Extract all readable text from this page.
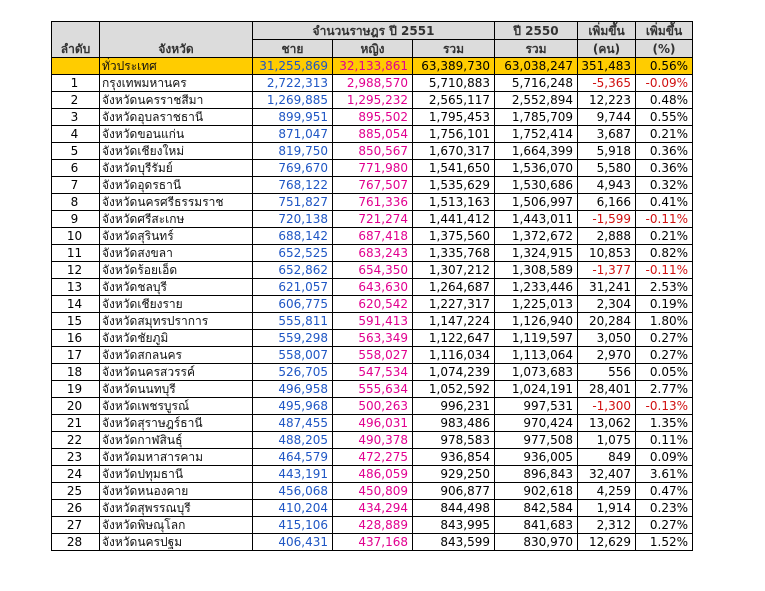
ลำดับ	จังหวัด	จำนวนราษฎร ปี 2551			ปี 2550	เพิ่มขึ้น	เพิ่มขึ้น
		ชาย	หญิง	รวม	รวม	(คน)	(%)
	ทั่วประเทศ	31,255,869	32,133,861	63,389,730	63,038,247	351,483	0.56%
1	กรุงเทพมหานคร	2,722,313	2,988,570	5,710,883	5,716,248	-5,365	-0.09%
2	จังหวัดนครราชสีมา	1,269,885	1,295,232	2,565,117	2,552,894	12,223	0.48%
3	จังหวัดอุบลราชธานี	899,951	895,502	1,795,453	1,785,709	9,744	0.55%
4	จังหวัดขอนแก่น	871,047	885,054	1,756,101	1,752,414	3,687	0.21%
5	จังหวัดเชียงใหม่	819,750	850,567	1,670,317	1,664,399	5,918	0.36%
6	จังหวัดบุรีรัมย์	769,670	771,980	1,541,650	1,536,070	5,580	0.36%
7	จังหวัดอุดรธานี	768,122	767,507	1,535,629	1,530,686	4,943	0.32%
8	จังหวัดนครศรีธรรมราช	751,827	761,336	1,513,163	1,506,997	6,166	0.41%
9	จังหวัดศรีสะเกษ	720,138	721,274	1,441,412	1,443,011	-1,599	-0.11%
10	จังหวัดสุรินทร์	688,142	687,418	1,375,560	1,372,672	2,888	0.21%
11	จังหวัดสงขลา	652,525	683,243	1,335,768	1,324,915	10,853	0.82%
12	จังหวัดร้อยเอ็ด	652,862	654,350	1,307,212	1,308,589	-1,377	-0.11%
13	จังหวัดชลบุรี	621,057	643,630	1,264,687	1,233,446	31,241	2.53%
14	จังหวัดเชียงราย	606,775	620,542	1,227,317	1,225,013	2,304	0.19%
15	จังหวัดสมุทรปราการ	555,811	591,413	1,147,224	1,126,940	20,284	1.80%
16	จังหวัดชัยภูมิ	559,298	563,349	1,122,647	1,119,597	3,050	0.27%
17	จังหวัดสกลนคร	558,007	558,027	1,116,034	1,113,064	2,970	0.27%
18	จังหวัดนครสวรรค์	526,705	547,534	1,074,239	1,073,683	556	0.05%
19	จังหวัดนนทบุรี	496,958	555,634	1,052,592	1,024,191	28,401	2.77%
20	จังหวัดเพชรบูรณ์	495,968	500,263	996,231	997,531	-1,300	-0.13%
21	จังหวัดสุราษฎร์ธานี	487,455	496,031	983,486	970,424	13,062	1.35%
22	จังหวัดกาฬสินธุ์	488,205	490,378	978,583	977,508	1,075	0.11%
23	จังหวัดมหาสารคาม	464,579	472,275	936,854	936,005	849	0.09%
24	จังหวัดปทุมธานี	443,191	486,059	929,250	896,843	32,407	3.61%
25	จังหวัดหนองคาย	456,068	450,809	906,877	902,618	4,259	0.47%
26	จังหวัดสุพรรณบุรี	410,204	434,294	844,498	842,584	1,914	0.23%
27	จังหวัดพิษณุโลก	415,106	428,889	843,995	841,683	2,312	0.27%
28	จังหวัดนครปฐม	406,431	437,168	843,599	830,970	12,629	1.52%
